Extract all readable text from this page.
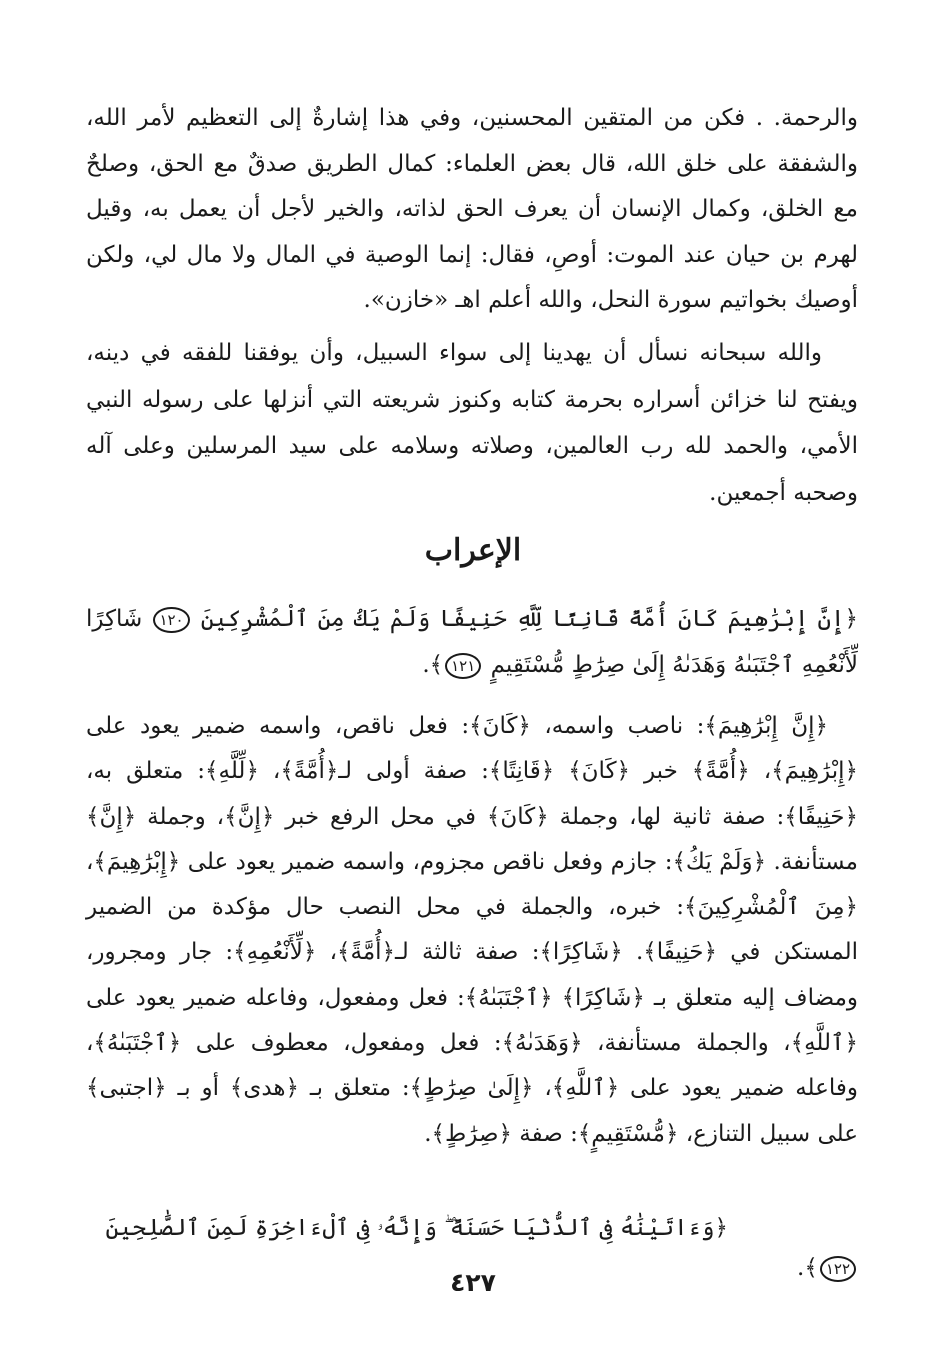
والرحمة. . فكن من المتقين المحسنين، وفي هذا إشارةٌ إلى التعظيم لأمر الله، والشفقة على خلق الله، قال بعض العلماء: كمال الطريق صدقٌ مع الحق، وصلحٌ مع الخلق، وكمال الإنسان أن يعرف الحق لذاته، والخير لأجل أن يعمل به، وقيل لهرم بن حيان عند الموت: أوصِ، فقال: إنما الوصية في المال ولا مال لي، ولكن أوصيك بخواتيم سورة النحل، والله أعلم اهـ «خازن».
والله سبحانه نسأل أن يهدينا إلى سواء السبيل، وأن يوفقنا للفقه في دينه، ويفتح لنا خزائن أسراره بحرمة كتابه وكنوز شريعته التي أنزلها على رسوله النبي الأمي، والحمد لله رب العالمين، وصلاته وسلامه على سيد المرسلين وعلى آله وصحبه أجمعين.
الإعراب
﴿إِنَّ إِبْرَٰهِيمَ كَانَ أُمَّةً قَانِتًا لِّلَّهِ حَنِيفًا وَلَمْ يَكُ مِنَ ٱلْمُشْرِكِينَ ١٢٠ شَاكِرًا لِّأَنْعُمِهِ ٱجْتَبَىٰهُ وَهَدَىٰهُ إِلَىٰ صِرَٰطٍ مُّسْتَقِيمٍ ١٢١﴾.
﴿إِنَّ إِبْرَٰهِيمَ﴾: ناصب واسمه، ﴿كَانَ﴾: فعل ناقص، واسمه ضمير يعود على ﴿إِبْرَٰهِيمَ﴾، ﴿أُمَّةً﴾ خبر ﴿كَانَ﴾ ﴿قَانِتًا﴾: صفة أولى لـ﴿أُمَّةً﴾، ﴿لِّلَّهِ﴾: متعلق به، ﴿حَنِيفًا﴾: صفة ثانية لها، وجملة ﴿كَانَ﴾ في محل الرفع خبر ﴿إِنَّ﴾، وجملة ﴿إِنَّ﴾ مستأنفة. ﴿وَلَمْ يَكُ﴾: جازم وفعل ناقص مجزوم، واسمه ضمير يعود على ﴿إِبْرَٰهِيمَ﴾، ﴿مِنَ ٱلْمُشْرِكِينَ﴾: خبره، والجملة في محل النصب حال مؤكدة من الضمير المستكن في ﴿حَنِيفًا﴾. ﴿شَاكِرًا﴾: صفة ثالثة لـ﴿أُمَّةً﴾، ﴿لِّأَنْعُمِهِ﴾: جار ومجرور، ومضاف إليه متعلق بـ ﴿شَاكِرًا﴾ ﴿ٱجْتَبَىٰهُ﴾: فعل ومفعول، وفاعله ضمير يعود على ﴿ٱللَّهِ﴾، والجملة مستأنفة، ﴿وَهَدَىٰهُ﴾: فعل ومفعول، معطوف على ﴿ٱجْتَبَىٰهُ﴾، وفاعله ضمير يعود على ﴿ٱللَّهِ﴾، ﴿إِلَىٰ صِرَٰطٍ﴾: متعلق بـ ﴿هدى﴾ أو بـ ﴿اجتبى﴾ على سبيل التنازع، ﴿مُّسْتَقِيمٍ﴾: صفة ﴿صِرَٰطٍ﴾.
﴿وَءَاتَيْنَٰهُ فِى ٱلدُّنْيَا حَسَنَةً ۖ وَإِنَّهُۥ فِى ٱلْءَاخِرَةِ لَمِنَ ٱلصَّٰلِحِينَ ١٢٢﴾.
٤٢٧
